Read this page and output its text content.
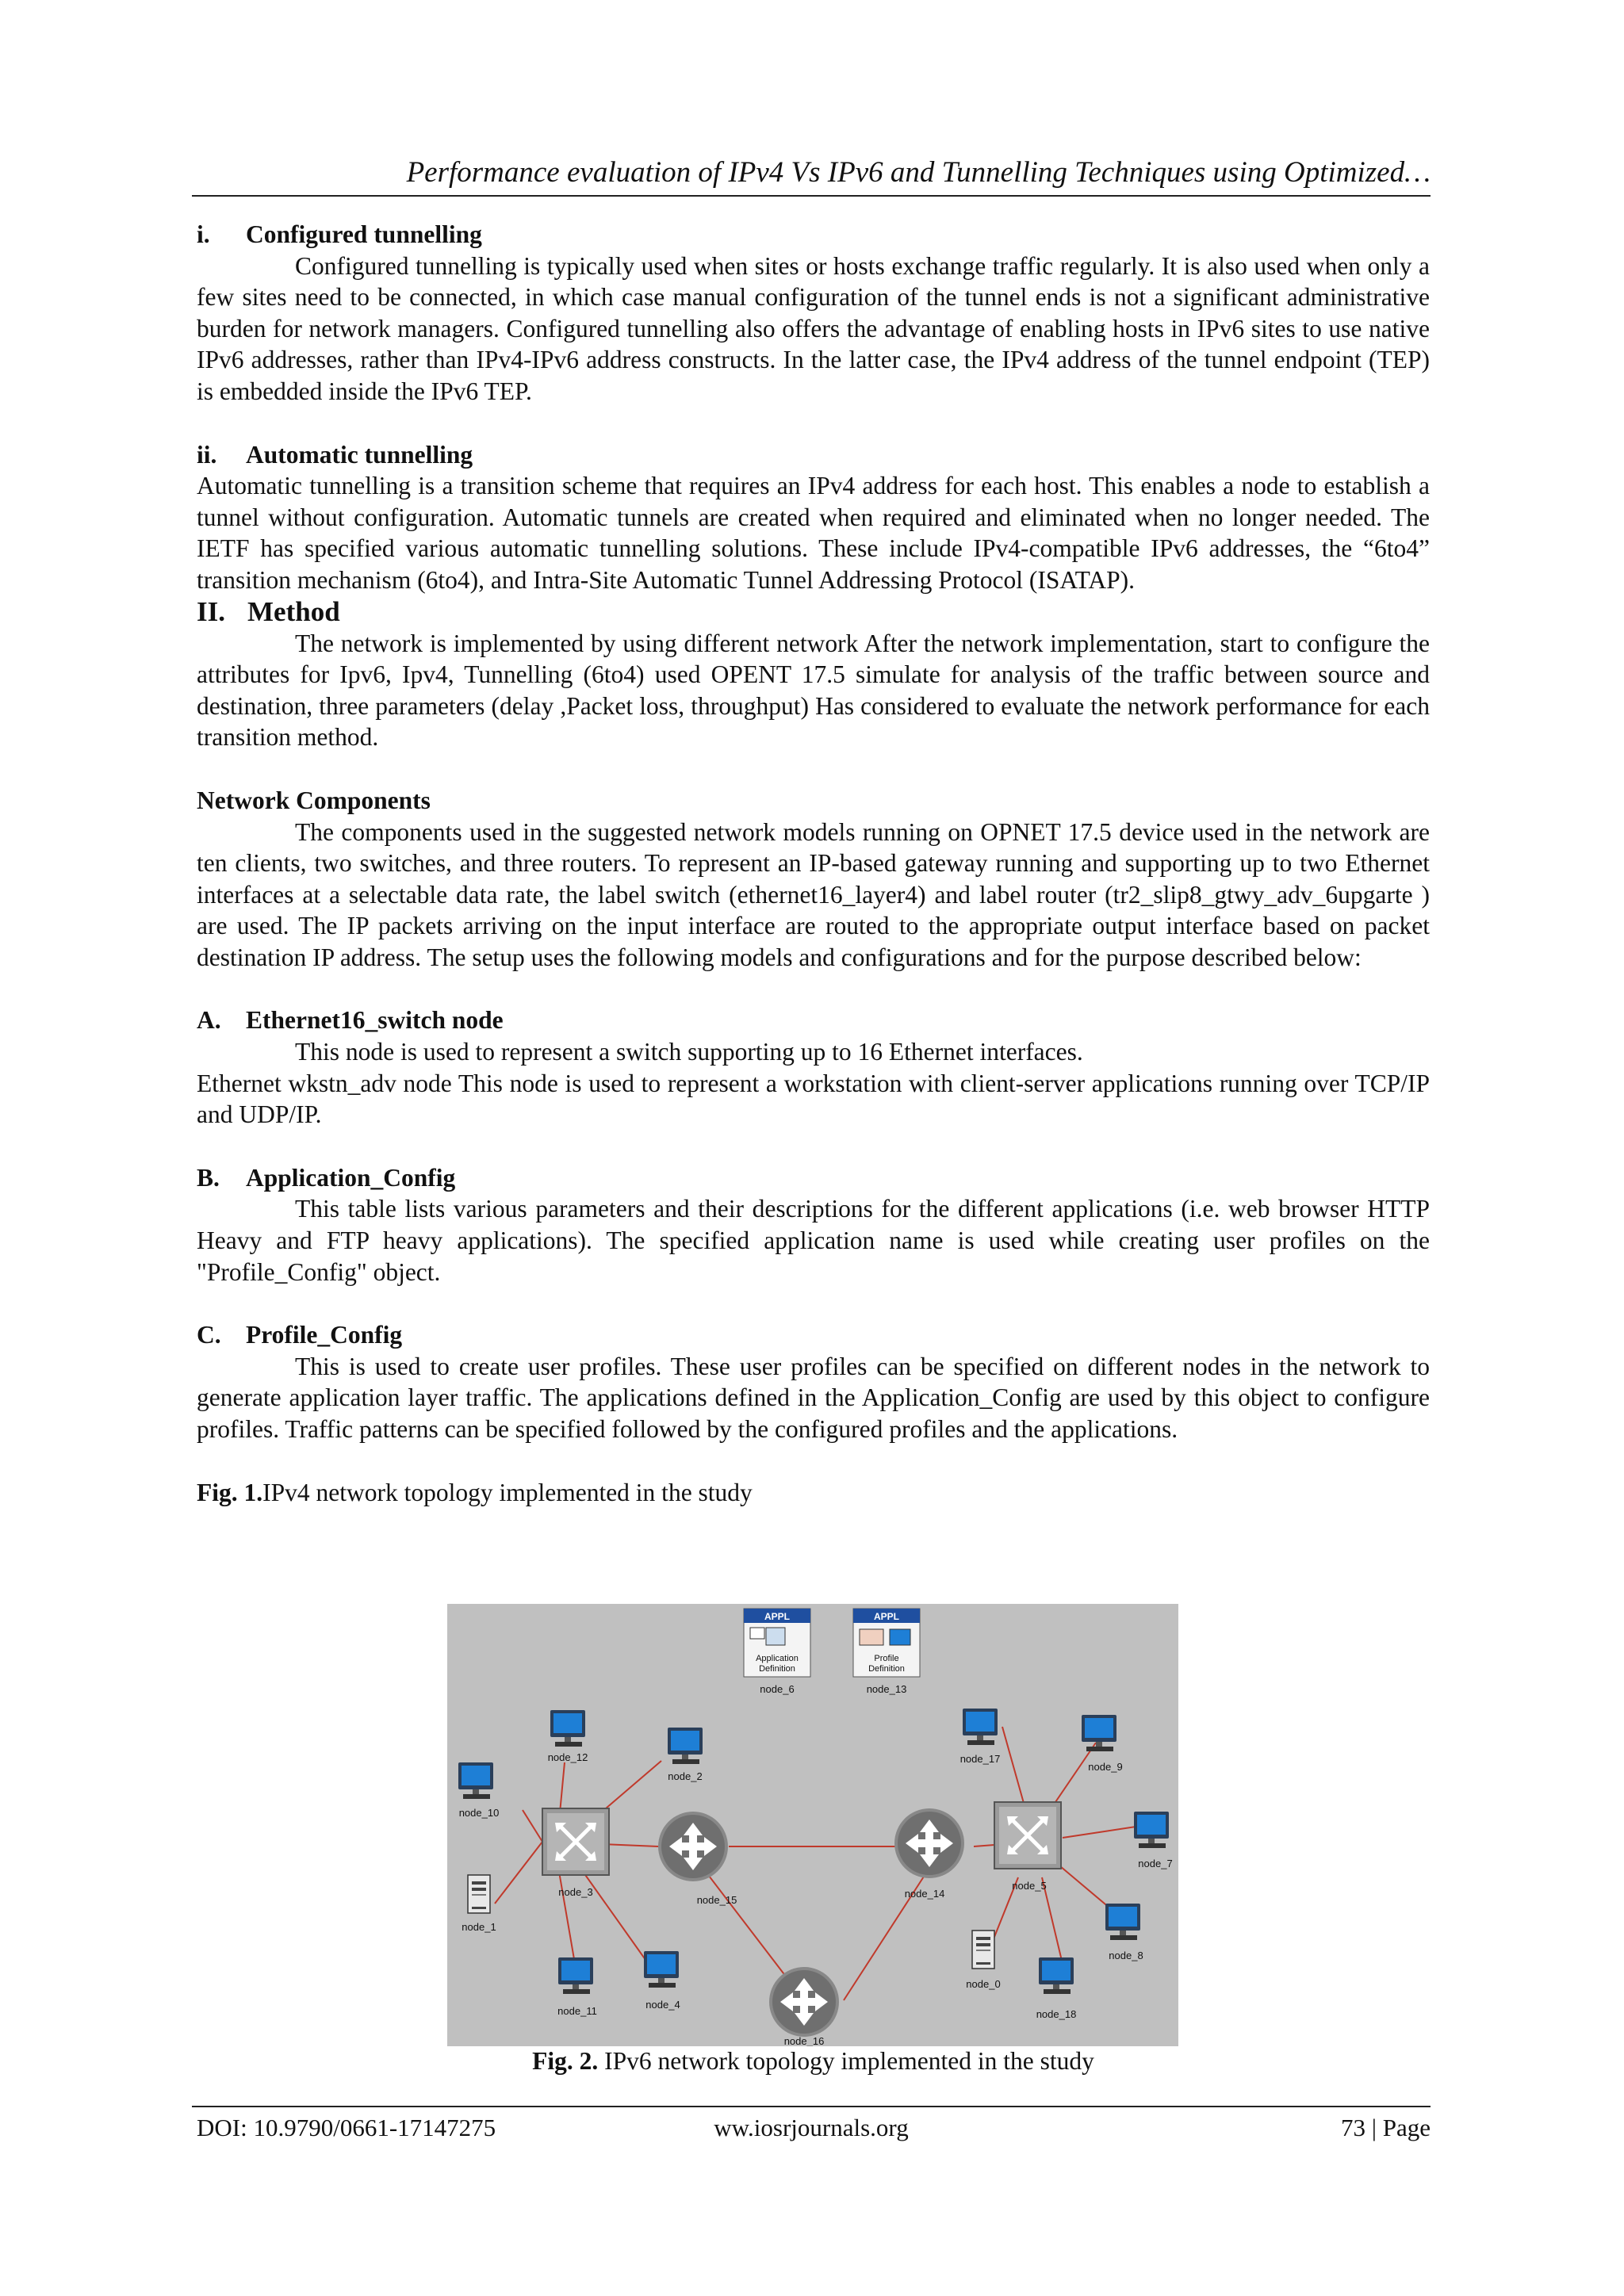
Performance evaluation of IPv4 Vs IPv6 and Tunnelling Techniques using Optimized…

i. Configured tunnelling

Configured tunnelling is typically used when sites or hosts exchange traffic regularly. It is also used when only a few sites need to be connected, in which case manual configuration of the tunnel ends is not a significant administrative burden for network managers. Configured tunnelling also offers the advantage of enabling hosts in IPv6 sites to use native IPv6 addresses, rather than IPv4-IPv6 address constructs. In the latter case, the IPv4 address of the tunnel endpoint (TEP) is embedded inside the IPv6 TEP.

ii. Automatic tunnelling

Automatic tunnelling is a transition scheme that requires an IPv4 address for each host. This enables a node to establish a tunnel without configuration. Automatic tunnels are created when required and eliminated when no longer needed. The IETF has specified various automatic tunnelling solutions. These include IPv4-compatible IPv6 addresses, the “6to4” transition mechanism (6to4), and Intra-Site Automatic Tunnel Addressing Protocol (ISATAP).

II. Method

The network is implemented by using different network After the network implementation, start to configure the attributes for Ipv6, Ipv4, Tunnelling (6to4) used OPENT 17.5 simulate for analysis of the traffic between source and destination, three parameters (delay ,Packet loss, throughput) Has considered to evaluate the network performance for each transition method.

Network Components

The components used in the suggested network models running on OPNET 17.5 device used in the network are ten clients, two switches, and three routers. To represent an IP-based gateway running and supporting up to two Ethernet interfaces at a selectable data rate, the label switch (ethernet16_layer4) and label router (tr2_slip8_gtwy_adv_6upgarte ) are used. The IP packets arriving on the input interface are routed to the appropriate output interface based on packet destination IP address. The setup uses the following models and configurations and for the purpose described below:

A. Ethernet16_switch node

This node is used to represent a switch supporting up to 16 Ethernet interfaces.

Ethernet wkstn_adv node This node is used to represent a workstation with client-server applications running over TCP/IP and UDP/IP.

B. Application_Config

This table lists various parameters and their descriptions for the different applications (i.e. web browser HTTP Heavy and FTP heavy applications). The specified application name is used while creating user profiles on the "Profile_Config" object.

C. Profile_Config

This is used to create user profiles. These user profiles can be specified on different nodes in the network to generate application layer traffic. The applications defined in the Application_Config are used by this object to configure profiles. Traffic patterns can be specified followed by the configured profiles and the applications.

Fig. 1.IPv4 network topology implemented in the study

APPL
Application
Definition
node_6
APPL
Profile
Definition
node_13
node_3
node_5
node_15
node_14
node_16
node_12
node_2
node_10
node_1
node_11
node_4
node_17
node_9
node_7
node_8
node_0
node_18
Fig. 2. IPv6 network topology implemented in the study
DOI: 10.9790/0661-17147275	ww.iosrjournals.org	73 | Page
